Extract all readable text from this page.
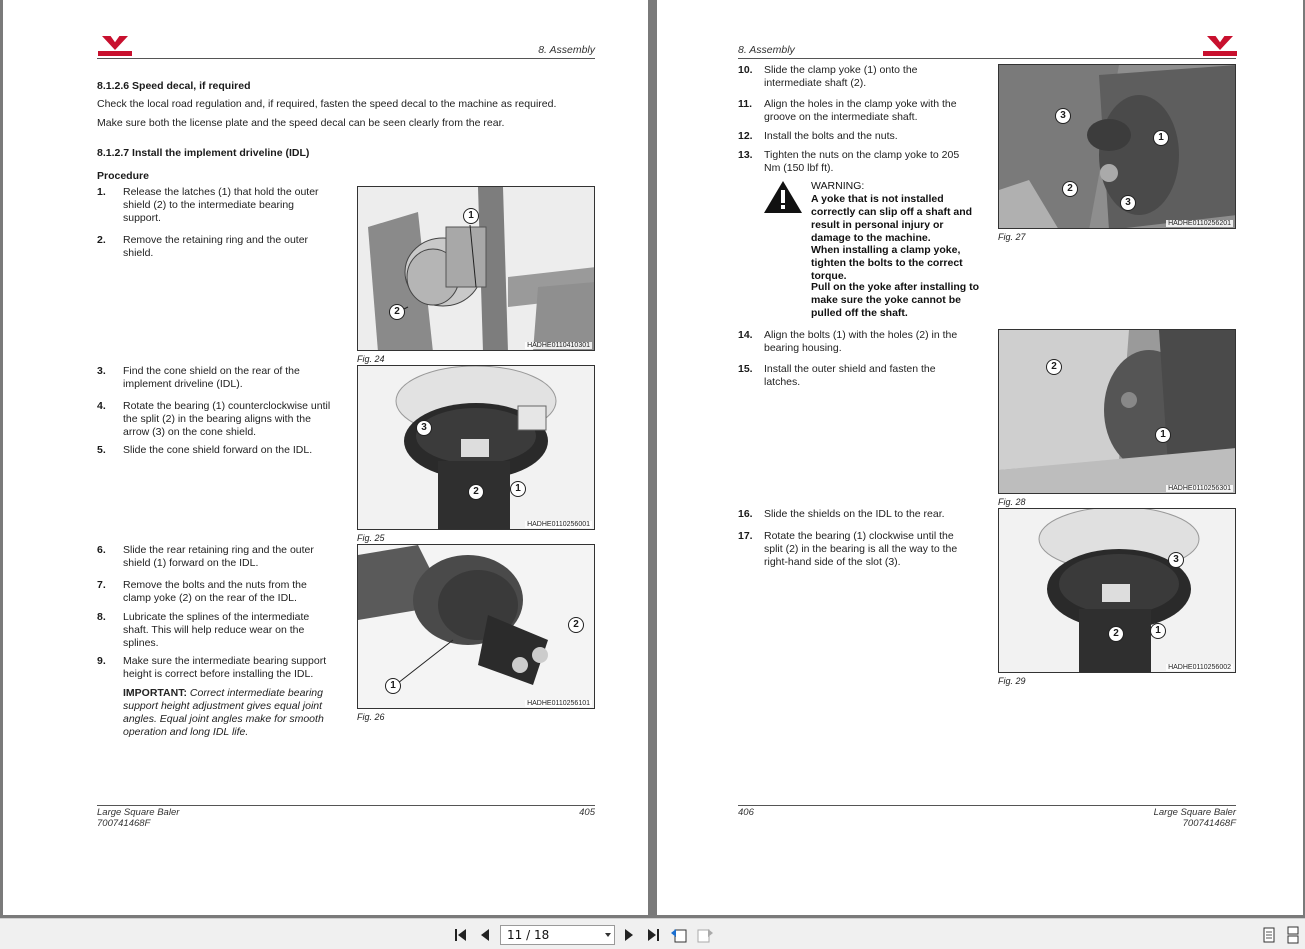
8. Assembly
8.1.2.6 Speed decal, if required
Check the local road regulation and, if required, fasten the speed decal to the machine as required.
Make sure both the license plate and the speed decal can be seen clearly from the rear.
8.1.2.7 Install the implement driveline (IDL)
Procedure
1. Release the latches (1) that hold the outer shield (2) to the intermediate bearing support.
2. Remove the retaining ring and the outer shield.
1
2
HADHE0110410301
Fig. 24
3. Find the cone shield on the rear of the implement driveline (IDL).
4. Rotate the bearing (1) counterclockwise until the split (2) in the bearing aligns with the arrow (3) on the cone shield.
5. Slide the cone shield forward on the IDL.
3
2	1
HADHE0110256001
Fig. 25
6. Slide the rear retaining ring and the outer shield (1) forward on the IDL.
7. Remove the bolts and the nuts from the clamp yoke (2) on the rear of the IDL.
8. Lubricate the splines of the intermediate shaft. This will help reduce wear on the splines.
9. Make sure the intermediate bearing support height is correct before installing the IDL.
IMPORTANT: Correct intermediate bearing support height adjustment gives equal joint angles. Equal joint angles make for smooth operation and long IDL life.
2
1
HADHE0110256101
Fig. 26
Large Square Baler
700741468F
405
8. Assembly
10. Slide the clamp yoke (1) onto the intermediate shaft (2).
11. Align the holes in the clamp yoke with the groove on the intermediate shaft.
12. Install the bolts and the nuts.
13. Tighten the nuts on the clamp yoke to 205 Nm (150 lbf ft).
WARNING:
A yoke that is not installed correctly can slip off a shaft and result in personal injury or damage to the machine.
When installing a clamp yoke, tighten the bolts to the correct torque.
Pull on the yoke after installing to make sure the yoke cannot be pulled off the shaft.
3
1
2
3
HADHE0110256201
Fig. 27
14. Align the bolts (1) with the holes (2) in the bearing housing.
15. Install the outer shield and fasten the latches.
2
1
HADHE0110256301
Fig. 28
16. Slide the shields on the IDL to the rear.
17. Rotate the bearing (1) clockwise until the split (2) in the bearing is all the way to the right-hand side of the slot (3).	3
2	1
HADHE0110256002
Fig. 29
406	Large Square Baler
700741468F
11 / 18
